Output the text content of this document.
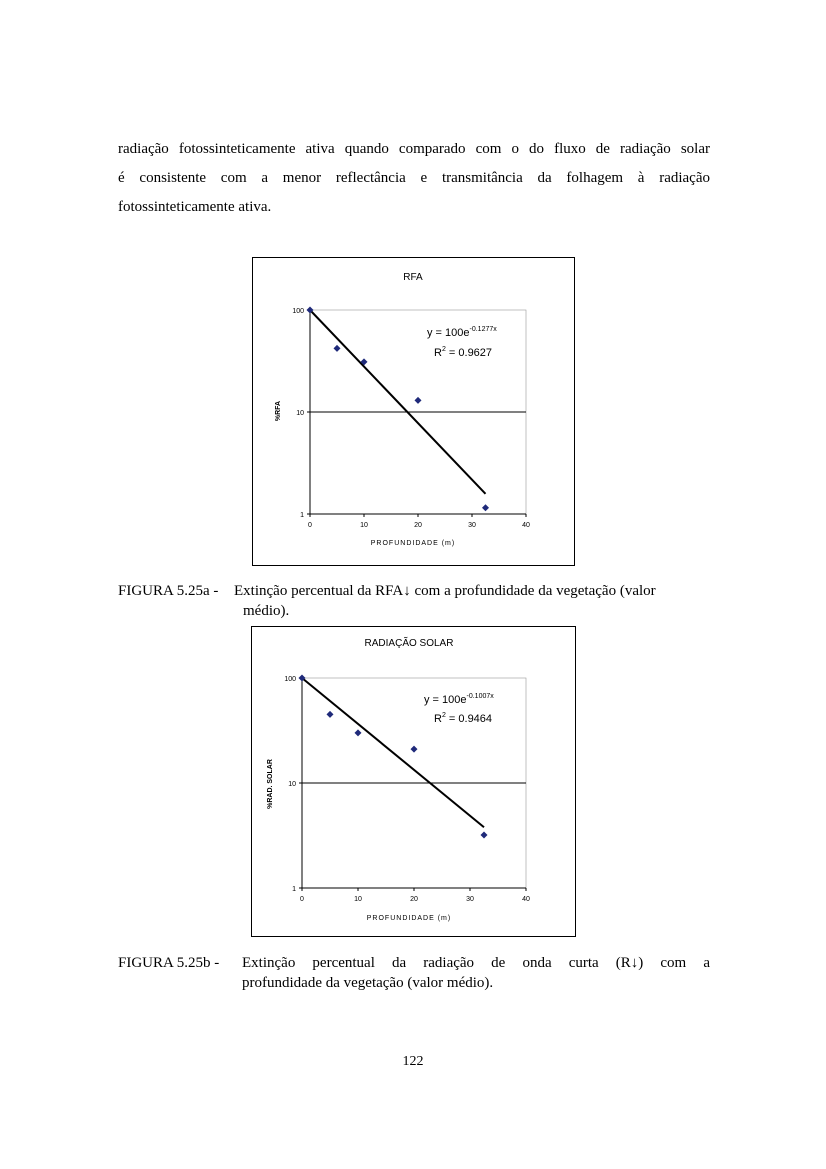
radiação fotossinteticamente ativa quando comparado com o do fluxo de radiação solar
é consistente com a menor reflectância e transmitância da folhagem à radiação
fotossinteticamente ativa.
RFA
1
10
100
0	10	20	30	40
PROFUNDIDADE (m)
%RFA
$y = 100e^{-0.1277x}$
$R^2 = 0.9627$
FIGURA 5.25a - Extinção percentual da RFA↓ com a profundidade da vegetação (valor
médio).
RADIAÇÃO SOLAR
1
10
100
0	10	20	30	40
PROFUNDIDADE (m)
%RAD. SOLAR
$y = 100e^{-0.1007x}$
$R^2 = 0.9464$
FIGURA 5.25b - Extinção percentual da radiação de onda curta (R↓) com a
profundidade da vegetação (valor médio).
122
